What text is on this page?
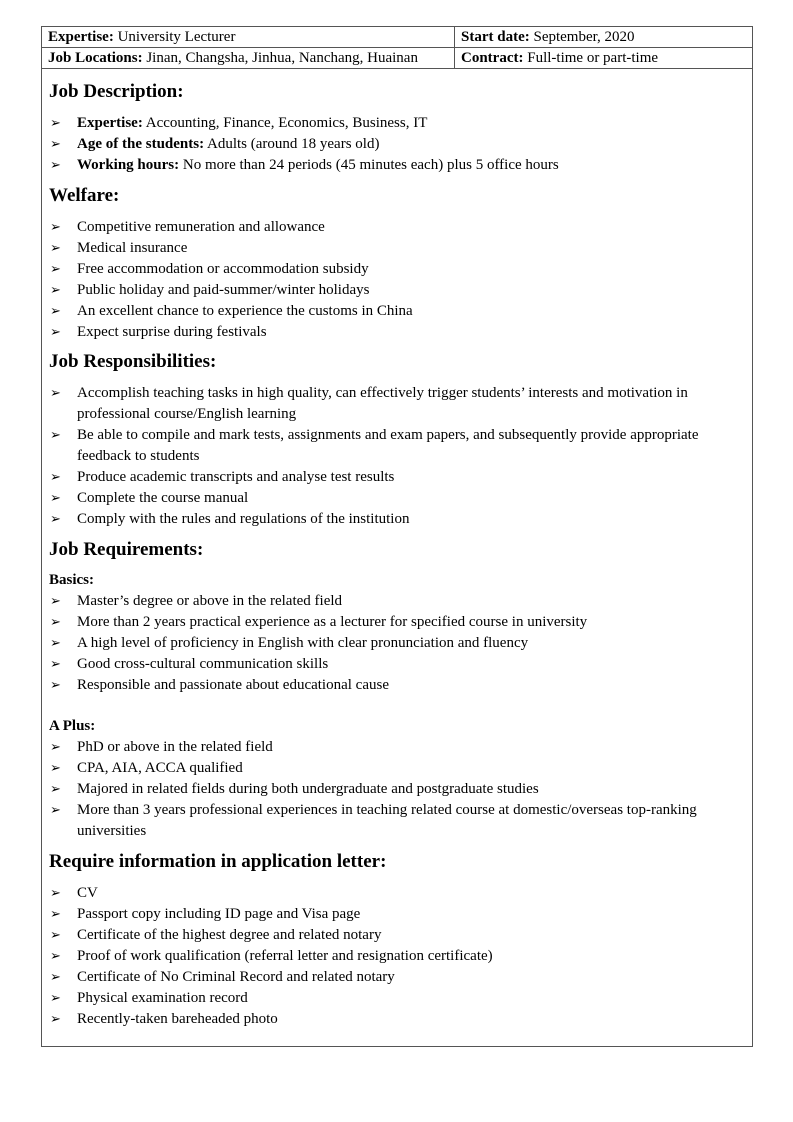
Expertise: University Lecturer	Start date: September, 2020
Job Locations: Jinan, Changsha, Jinhua, Nanchang, Huainan	Contract: Full-time or part-time
Job Description:
➢ Expertise: Accounting, Finance, Economics, Business, IT
➢ Age of the students: Adults (around 18 years old)
➢ Working hours: No more than 24 periods (45 minutes each) plus 5 office hours
Welfare:
➢ Competitive remuneration and allowance
➢ Medical insurance
➢ Free accommodation or accommodation subsidy
➢ Public holiday and paid-summer/winter holidays
➢ An excellent chance to experience the customs in China
➢ Expect surprise during festivals
Job Responsibilities:
➢ Accomplish teaching tasks in high quality, can effectively trigger students’ interests and motivation in professional course/English learning
➢ Be able to compile and mark tests, assignments and exam papers, and subsequently provide appropriate feedback to students
➢ Produce academic transcripts and analyse test results
➢ Complete the course manual
➢ Comply with the rules and regulations of the institution
Job Requirements:
Basics:
➢ Master’s degree or above in the related field
➢ More than 2 years practical experience as a lecturer for specified course in university
➢ A high level of proficiency in English with clear pronunciation and fluency
➢ Good cross-cultural communication skills
➢ Responsible and passionate about educational cause
A Plus:
➢ PhD or above in the related field
➢ CPA, AIA, ACCA qualified
➢ Majored in related fields during both undergraduate and postgraduate studies
➢ More than 3 years professional experiences in teaching related course at domestic/overseas top-ranking universities
Require information in application letter:
➢ CV
➢ Passport copy including ID page and Visa page
➢ Certificate of the highest degree and related notary
➢ Proof of work qualification (referral letter and resignation certificate)
➢ Certificate of No Criminal Record and related notary
➢ Physical examination record
➢ Recently-taken bareheaded photo
